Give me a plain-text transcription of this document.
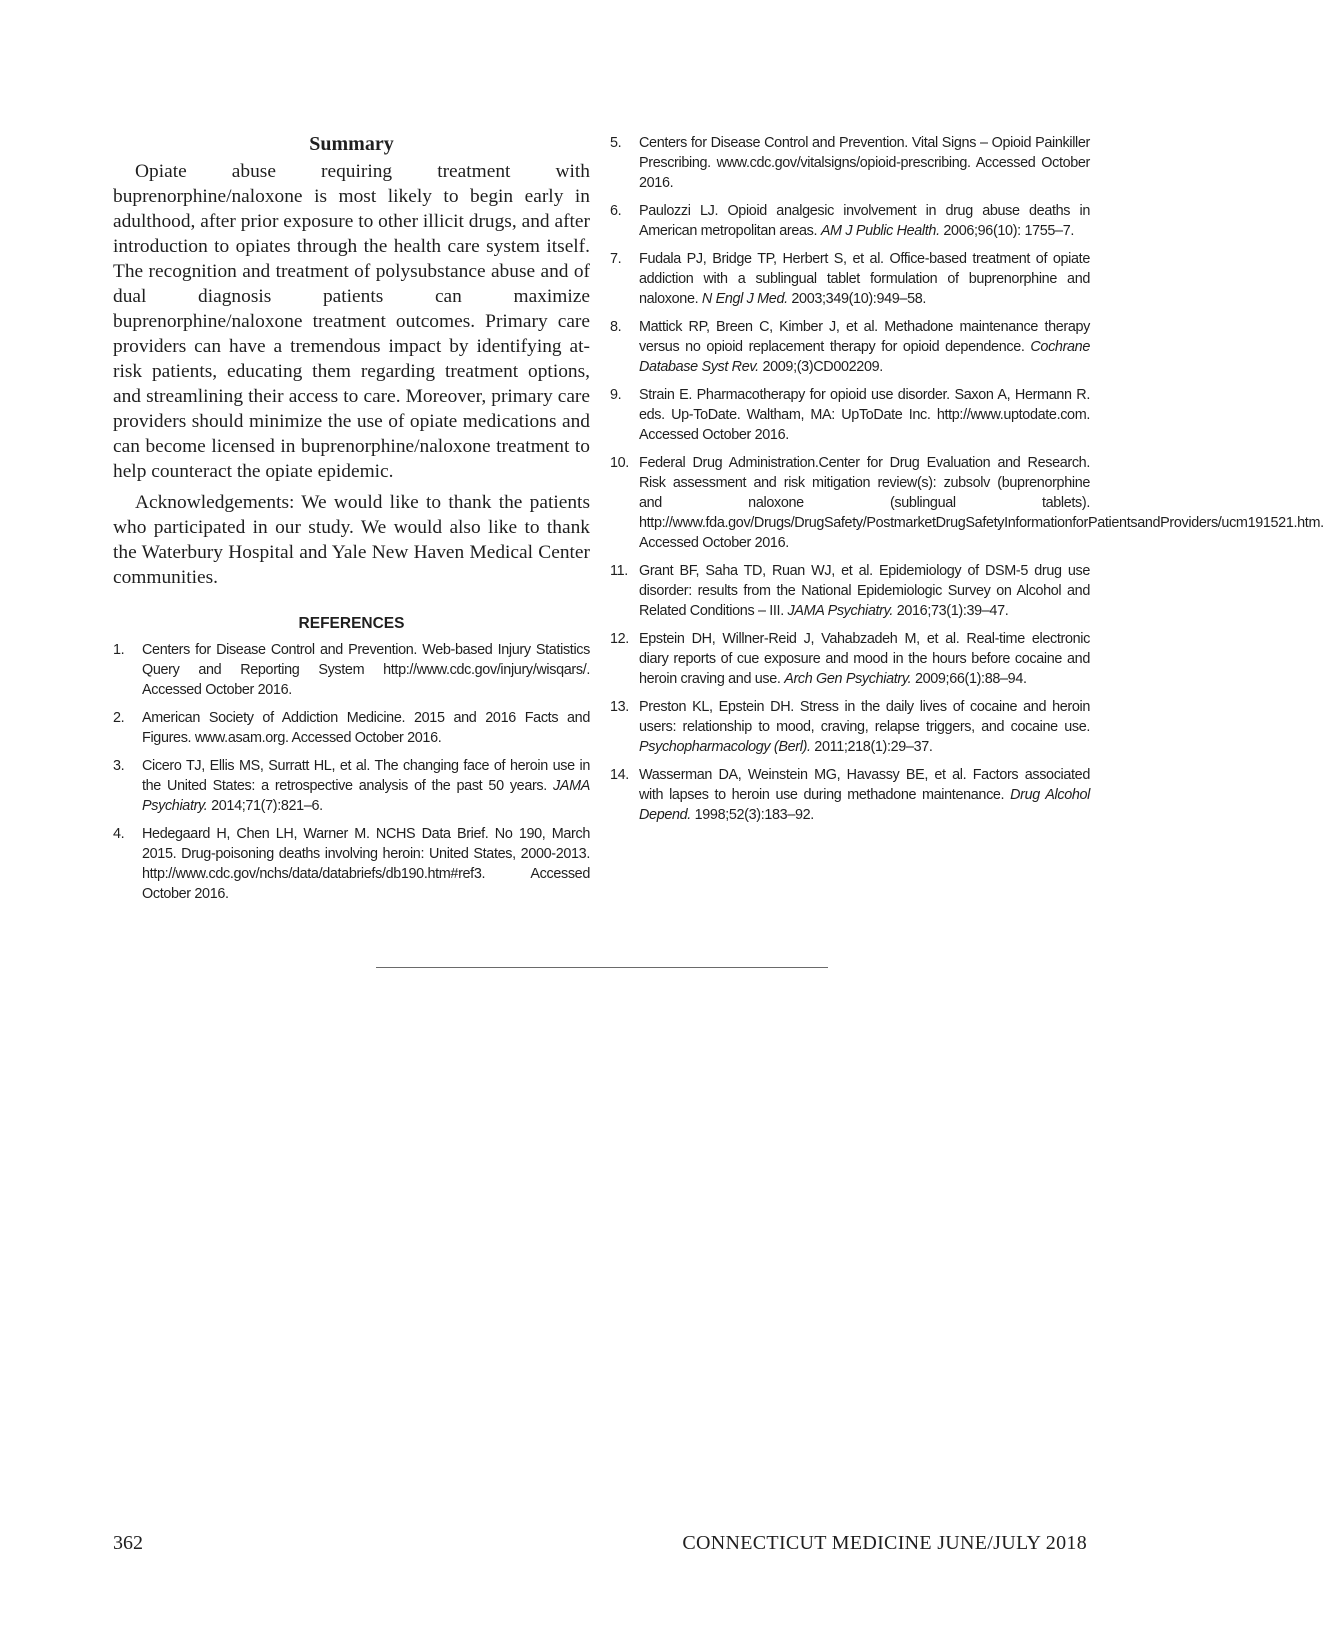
Summary

Opiate abuse requiring treatment with buprenorphine/naloxone is most likely to begin early in adulthood, after prior exposure to other illicit drugs, and after introduction to opiates through the health care system itself. The recognition and treatment of polysubstance abuse and of dual diagnosis patients can maximize buprenorphine/naloxone treatment outcomes. Primary care providers can have a tremendous impact by identifying at-risk patients, educating them regarding treatment options, and streamlining their access to care. Moreover, primary care providers should minimize the use of opiate medications and can become licensed in buprenorphine/naloxone treatment to help counteract the opiate epidemic.

Acknowledgements: We would like to thank the patients who participated in our study. We would also like to thank the Waterbury Hospital and Yale New Haven Medical Center communities.

REFERENCES
1. Centers for Disease Control and Prevention. Web-based Injury Statistics Query and Reporting System http://www.cdc.gov/injury/wisqars/. Accessed October 2016.
2. American Society of Addiction Medicine. 2015 and 2016 Facts and Figures. www.asam.org. Accessed October 2016.
3. Cicero TJ, Ellis MS, Surratt HL, et al. The changing face of heroin use in the United States: a retrospective analysis of the past 50 years. JAMA Psychiatry. 2014;71(7):821–6.
4. Hedegaard H, Chen LH, Warner M. NCHS Data Brief. No 190, March 2015. Drug-poisoning deaths involving heroin: United States, 2000-2013. http://www.cdc.gov/nchs/data/databriefs/db190.htm#ref3. Accessed October 2016.
5. Centers for Disease Control and Prevention. Vital Signs – Opioid Painkiller Prescribing. www.cdc.gov/vitalsigns/opioid-prescribing. Accessed October 2016.
6. Paulozzi LJ. Opioid analgesic involvement in drug abuse deaths in American metropolitan areas. AM J Public Health. 2006;96(10): 1755–7.
7. Fudala PJ, Bridge TP, Herbert S, et al. Office-based treatment of opiate addiction with a sublingual tablet formulation of buprenorphine and naloxone. N Engl J Med. 2003;349(10):949–58.
8. Mattick RP, Breen C, Kimber J, et al. Methadone maintenance therapy versus no opioid replacement therapy for opioid dependence. Cochrane Database Syst Rev. 2009;(3)CD002209.
9. Strain E. Pharmacotherapy for opioid use disorder. Saxon A, Hermann R. eds. Up-ToDate. Waltham, MA: UpToDate Inc. http://www.uptodate.com. Accessed October 2016.
10. Federal Drug Administration.Center for Drug Evaluation and Research. Risk assessment and risk mitigation review(s): zubsolv (buprenorphine and naloxone (sublingual tablets). http://www.fda.gov/Drugs/DrugSafety/PostmarketDrugSafetyInformationforPatientsandProviders/ucm191521.htm. Accessed October 2016.
11. Grant BF, Saha TD, Ruan WJ, et al. Epidemiology of DSM-5 drug use disorder: results from the National Epidemiologic Survey on Alcohol and Related Conditions – III. JAMA Psychiatry. 2016;73(1):39–47.
12. Epstein DH, Willner-Reid J, Vahabzadeh M, et al. Real-time electronic diary reports of cue exposure and mood in the hours before cocaine and heroin craving and use. Arch Gen Psychiatry. 2009;66(1):88–94.
13. Preston KL, Epstein DH. Stress in the daily lives of cocaine and heroin users: relationship to mood, craving, relapse triggers, and cocaine use. Psychopharmacology (Berl). 2011;218(1):29–37.
14. Wasserman DA, Weinstein MG, Havassy BE, et al. Factors associated with lapses to heroin use during methadone maintenance. Drug Alcohol Depend. 1998;52(3):183–92.
362	CONNECTICUT MEDICINE JUNE/JULY 2018
